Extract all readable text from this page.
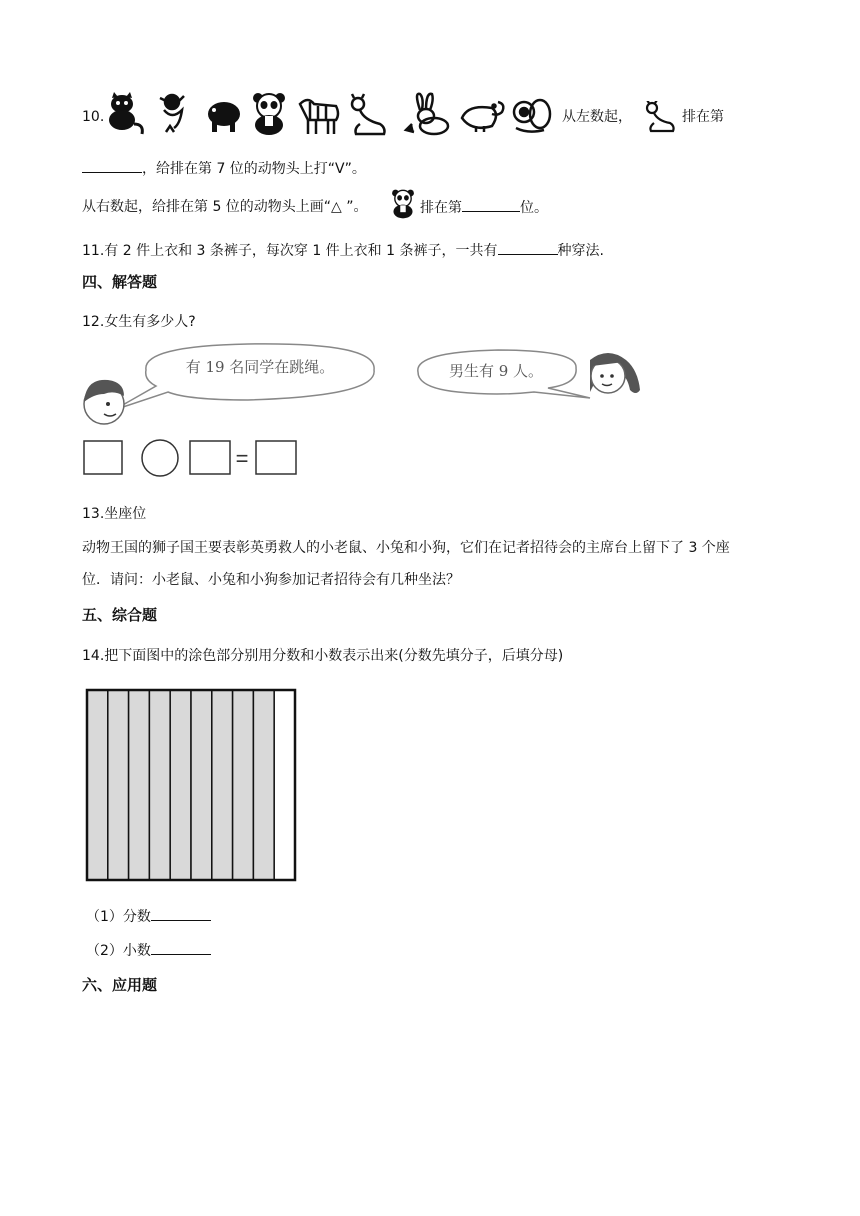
10.	从左数起，	排在第
，给排在第 7 位的动物头上打“V”。
从右数起，给排在第 5 位的动物头上画“△ ”。	排在第	位。
11.有 2 件上衣和 3 条裤子，每次穿 1 件上衣和 1 条裤子，一共有	种穿法.
四、解答题
12.女生有多少人?
有 19 名同学在跳绳。	男生有 9 人。
=
13.坐座位
动物王国的狮子国王要表彰英勇救人的小老鼠、小兔和小狗，它们在记者招待会的主席台上留下了 3 个座
位．请问：小老鼠、小兔和小狗参加记者招待会有几种坐法？
五、综合题
14.把下面图中的涂色部分别用分数和小数表示出来(分数先填分子，后填分母)
（1）分数
（2）小数
六、应用题
